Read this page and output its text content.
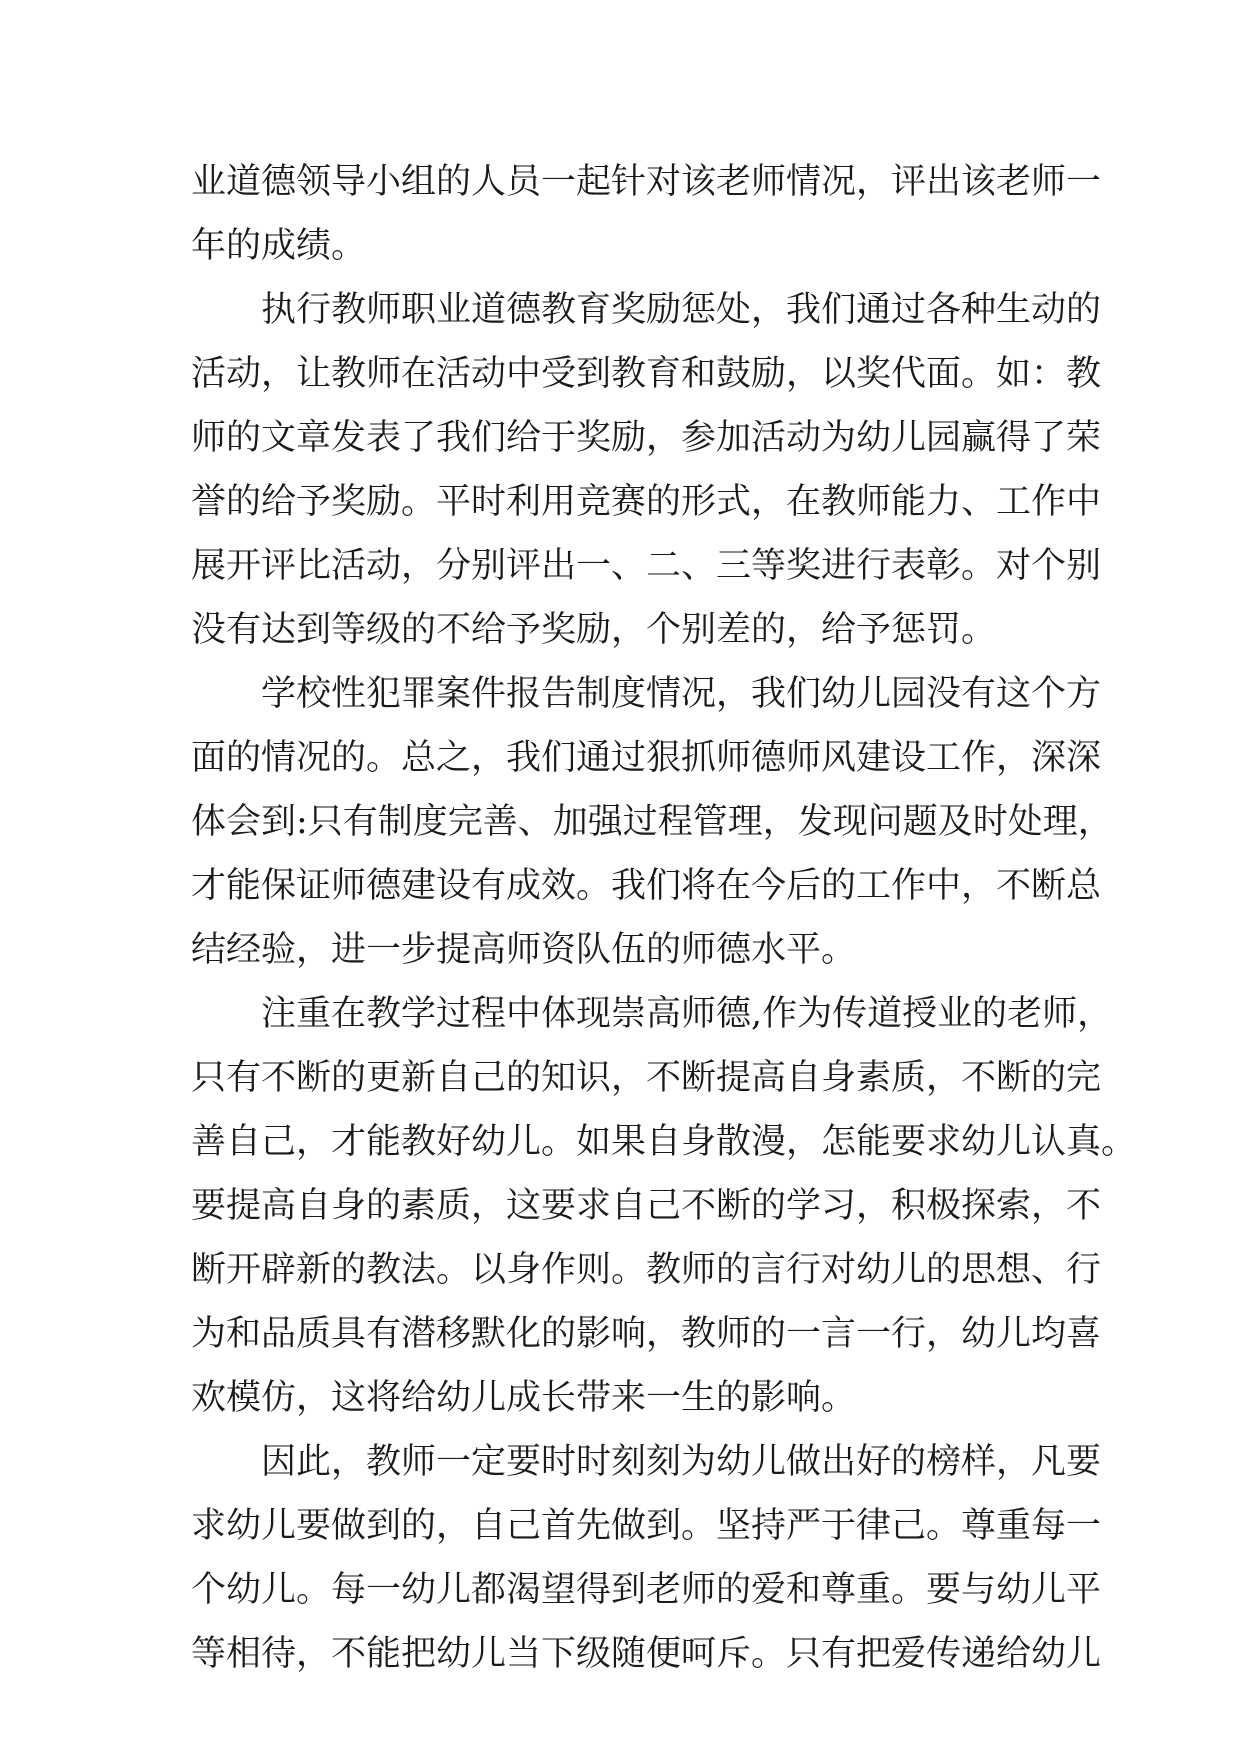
业道德领导小组的人员一起针对该老师情况，评出该老师一
年的成绩。
执行教师职业道德教育奖励惩处，我们通过各种生动的
活动，让教师在活动中受到教育和鼓励，以奖代面。如：教
师的文章发表了我们给于奖励，参加活动为幼儿园赢得了荣
誉的给予奖励。平时利用竞赛的形式，在教师能力、工作中
展开评比活动，分别评出一、二、三等奖进行表彰。对个别
没有达到等级的不给予奖励，个别差的，给予惩罚。
学校性犯罪案件报告制度情况，我们幼儿园没有这个方
面的情况的。总之，我们通过狠抓师德师风建设工作，深深
体会到:只有制度完善、加强过程管理，发现问题及时处理，
才能保证师德建设有成效。我们将在今后的工作中，不断总
结经验，进一步提高师资队伍的师德水平。
注重在教学过程中体现崇高师德,作为传道授业的老师，
只有不断的更新自己的知识，不断提高自身素质，不断的完
善自己，才能教好幼儿。如果自身散漫，怎能要求幼儿认真。
要提高自身的素质，这要求自己不断的学习，积极探索，不
断开辟新的教法。以身作则。教师的言行对幼儿的思想、行
为和品质具有潜移默化的影响，教师的一言一行，幼儿均喜
欢模仿，这将给幼儿成长带来一生的影响。
因此，教师一定要时时刻刻为幼儿做出好的榜样，凡要
求幼儿要做到的，自己首先做到。坚持严于律己。尊重每一
个幼儿。每一幼儿都渴望得到老师的爱和尊重。要与幼儿平
等相待，不能把幼儿当下级随便呵斥。只有把爱传递给幼儿
